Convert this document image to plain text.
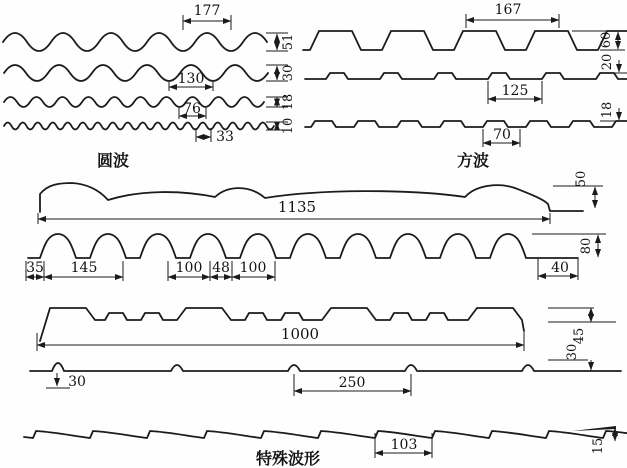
177
51
130	30
76	18
33
10
圆波
167
60
125
20
70
18
方波
1135
50
35 145	100 48 100
80
40
1000	45
30
30	250
103	15
特殊波形
